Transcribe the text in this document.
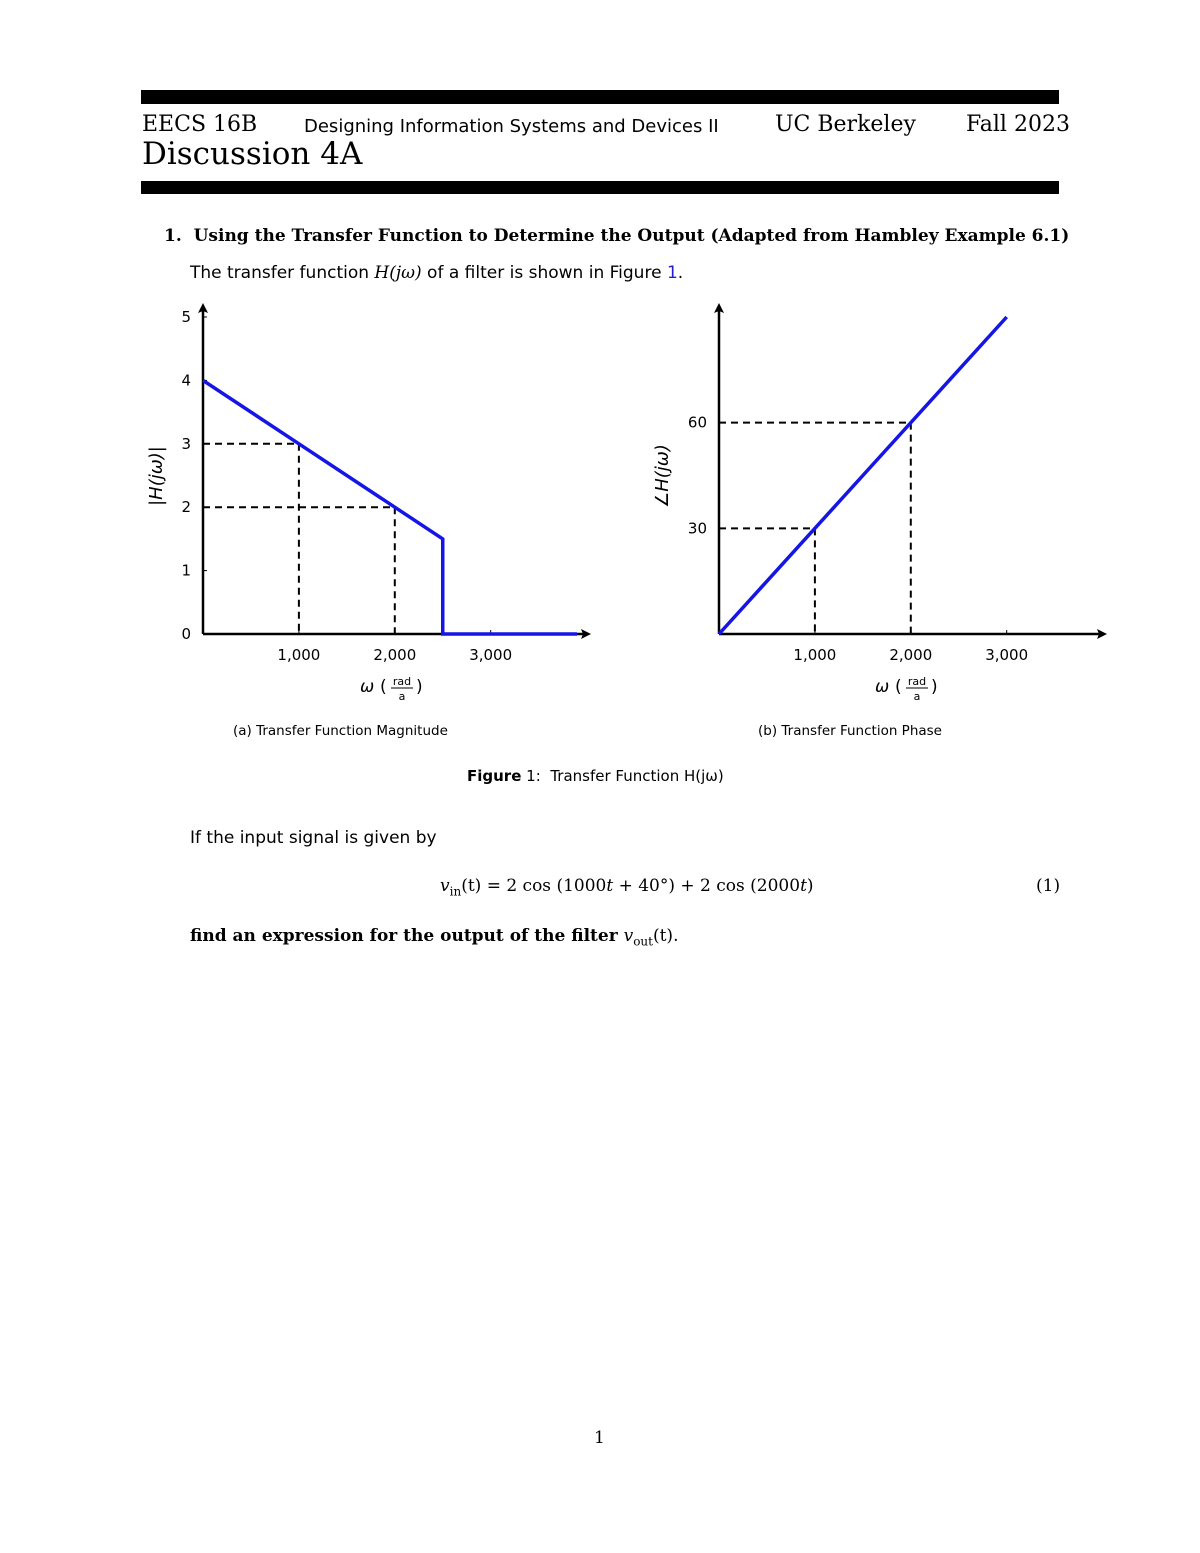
EECS 16B	Designing Information Systems and Devices II	UC Berkeley Fall 2023
Discussion 4A
1. Using the Transfer Function to Determine the Output (Adapted from Hambley Example 6.1)
The transfer function H(jω) of a filter is shown in Figure 1.
1,000	2,000	3,000
0
1
2
3
4
5
ω ( rad
a )
|H(jω)|
1,000	2,000	3,000
30
60
ω ( rad
a )
∠H(jω)
(a) Transfer Function Magnitude	(b) Transfer Function Phase
Figure 1: Transfer Function H(jω)
If the input signal is given by
$v_{in}(t) = 2$ cos (1000t + 40°) + 2 cos (2000t)	(1)
find an expression for the output of the filter $v_{out}(t)$.
1
